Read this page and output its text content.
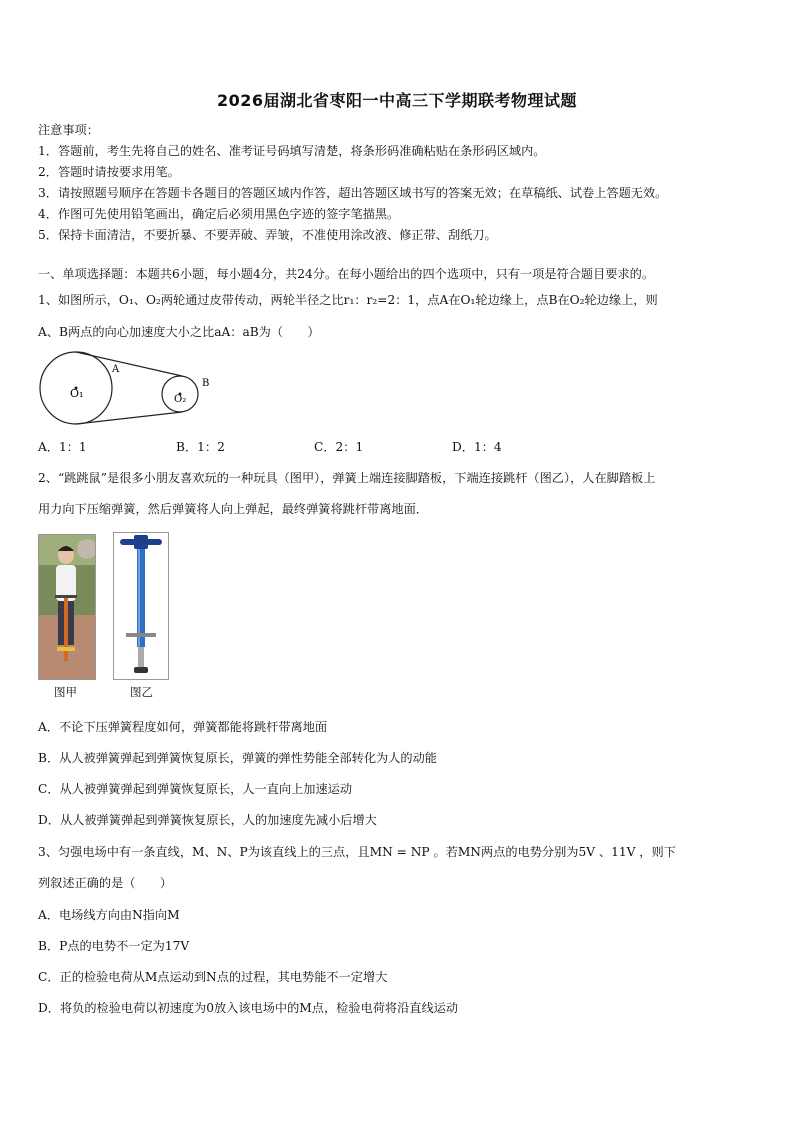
2026届湖北省枣阳一中高三下学期联考物理试题
注意事项：
1．答题前，考生先将自己的姓名、准考证号码填写清楚，将条形码准确粘贴在条形码区域内。
2．答题时请按要求用笔。
3．请按照题号顺序在答题卡各题目的答题区域内作答，超出答题区域书写的答案无效；在草稿纸、试卷上答题无效。
4．作图可先使用铅笔画出，确定后必须用黑色字迹的签字笔描黑。
5．保持卡面清洁，不要折暴、不要弄破、弄皱，不准使用涂改液、修正带、刮纸刀。
一、单项选择题：本题共6小题，每小题4分，共24分。在每小题给出的四个选项中，只有一项是符合题目要求的。
1、如图所示，O₁、O₂两轮通过皮带传动，两轮半径之比r₁：r₂=2：1，点A在O₁轮边缘上，点B在O₂轮边缘上，则
A、B两点的向心加速度大小之比aA：aB为（　　）
O₁	O₂
A
B
A．1：1	B．1：2	C．2：1	D．1：4
2、“跳跳鼠”是很多小朋友喜欢玩的一种玩具（图甲），弹簧上端连接脚踏板，下端连接跳杆（图乙），人在脚踏板上
用力向下压缩弹簧，然后弹簧将人向上弹起，最终弹簧将跳杆带离地面．
图甲	图乙
A．不论下压弹簧程度如何，弹簧都能将跳杆带离地面
B．从人被弹簧弹起到弹簧恢复原长，弹簧的弹性势能全部转化为人的动能
C．从人被弹簧弹起到弹簧恢复原长，人一直向上加速运动
D．从人被弹簧弹起到弹簧恢复原长，人的加速度先减小后增大
3、匀强电场中有一条直线，M、N、P为该直线上的三点，且MN = NP 。若MN两点的电势分别为5V 、11V ，则下
列叙述正确的是（　　）
A．电场线方向由N指向M
B．P点的电势不一定为17V
C．正的检验电荷从M点运动到N点的过程，其电势能不一定增大
D．将负的检验电荷以初速度为0放入该电场中的M点，检验电荷将沿直线运动
